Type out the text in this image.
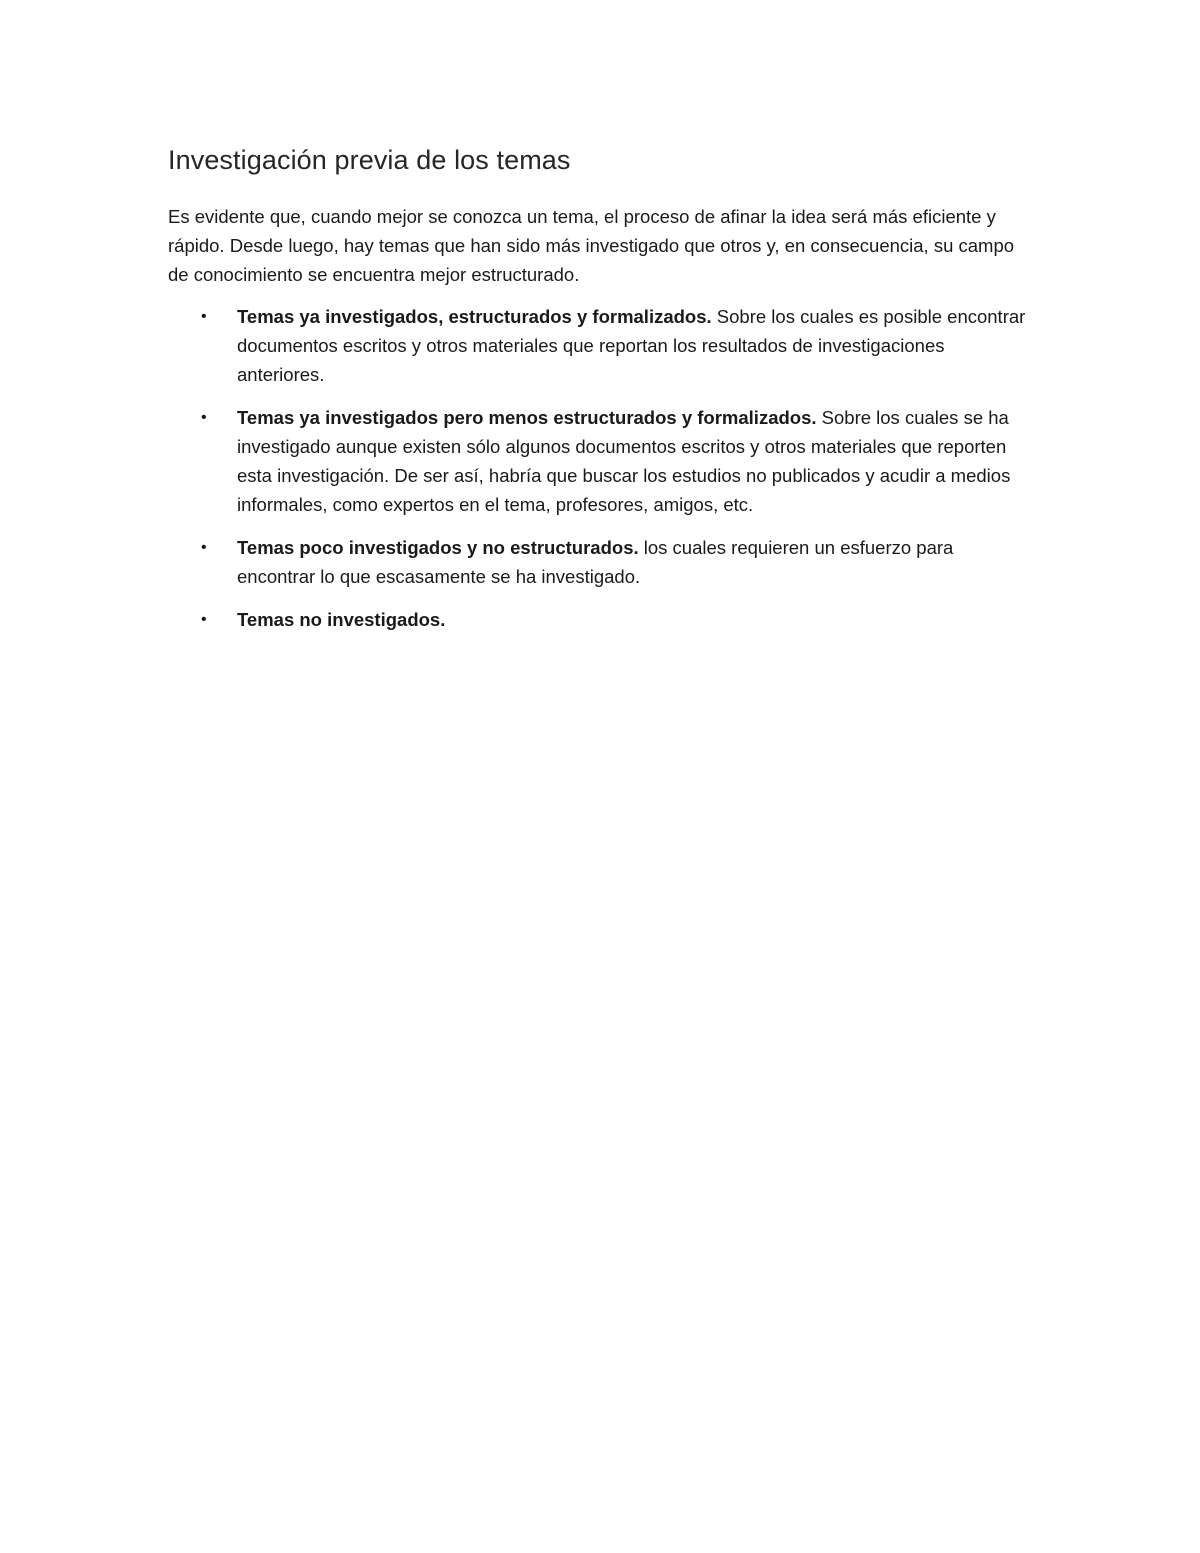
Investigación previa de los temas

Es evidente que, cuando mejor se conozca un tema, el proceso de afinar la idea será más eficiente y rápido. Desde luego, hay temas que han sido más investigado que otros y, en consecuencia, su campo de conocimiento se encuentra mejor estructurado.

• Temas ya investigados, estructurados y formalizados. Sobre los cuales es posible encontrar documentos escritos y otros materiales que reportan los resultados de investigaciones anteriores.
• Temas ya investigados pero menos estructurados y formalizados. Sobre los cuales se ha investigado aunque existen sólo algunos documentos escritos y otros materiales que reporten esta investigación. De ser así, habría que buscar los estudios no publicados y acudir a medios informales, como expertos en el tema, profesores, amigos, etc.
• Temas poco investigados y no estructurados. los cuales requieren un esfuerzo para encontrar lo que escasamente se ha investigado.
• Temas no investigados.
